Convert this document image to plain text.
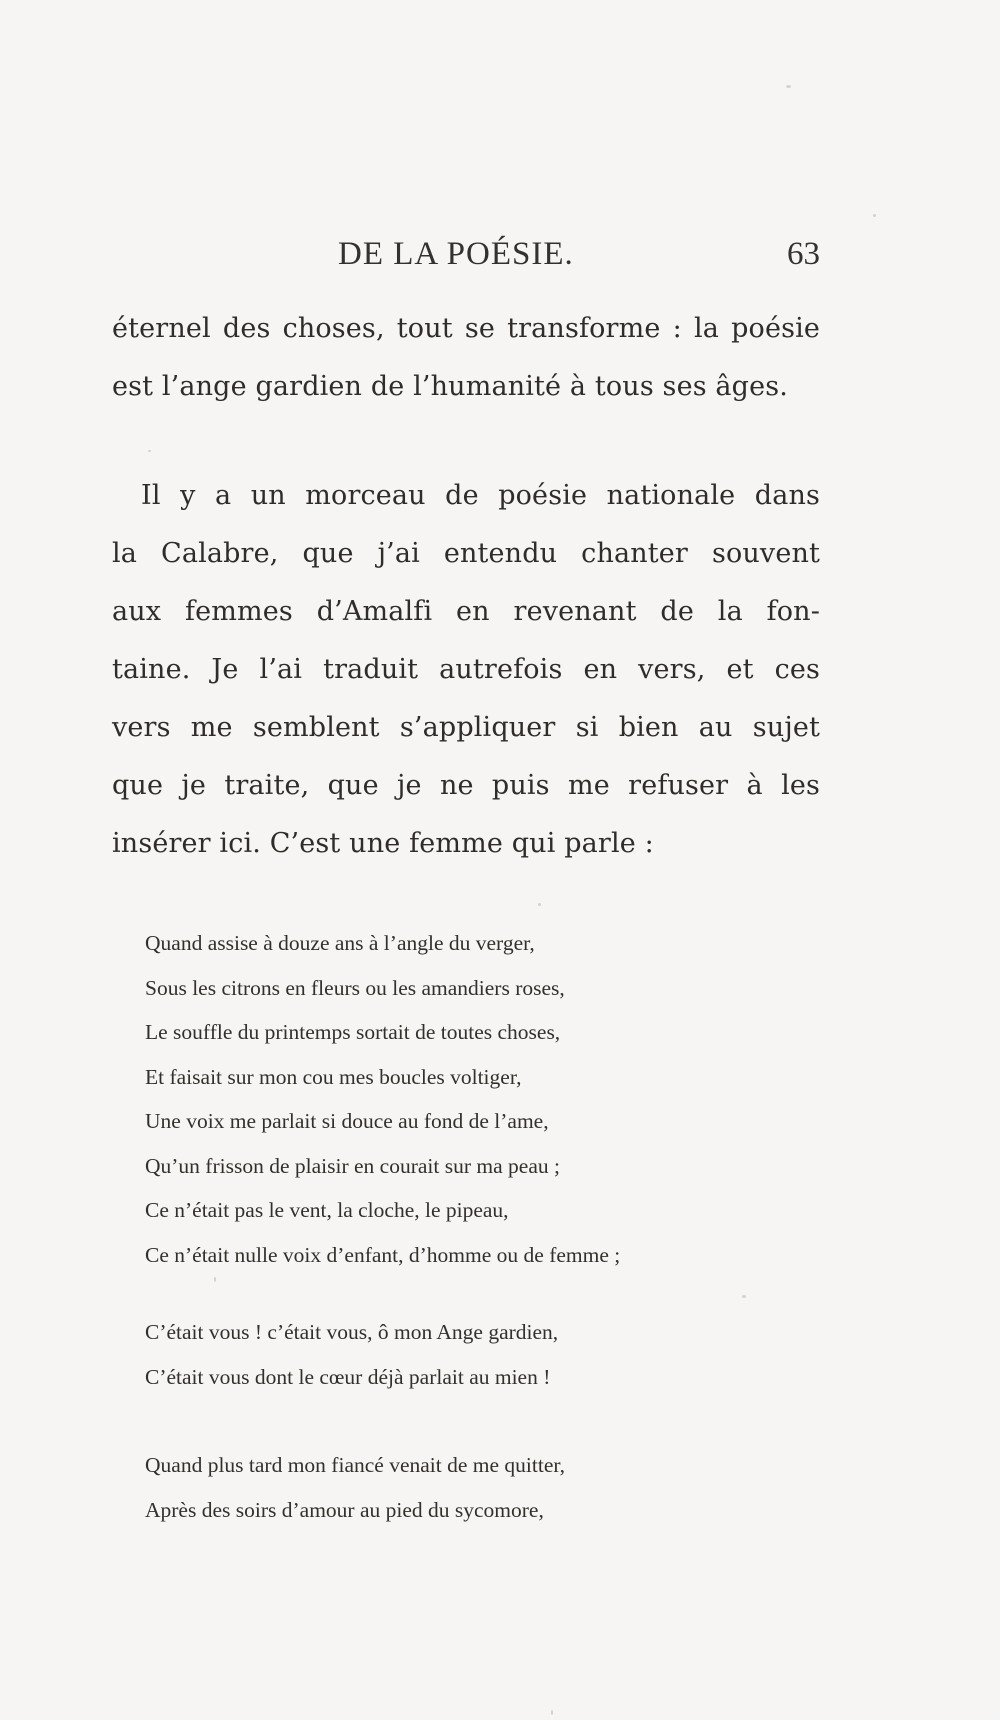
DE LA POÉSIE.	63
éternel des choses, tout se transforme : la poésie
est l’ange gardien de l’humanité à tous ses âges.
Il y a un morceau de poésie nationale dans
la Calabre, que j’ai entendu chanter souvent
aux femmes d’Amalfi en revenant de la fon-
taine. Je l’ai traduit autrefois en vers, et ces
vers me semblent s’appliquer si bien au sujet
que je traite, que je ne puis me refuser à les
insérer ici. C’est une femme qui parle :
Quand assise à douze ans à l’angle du verger,
Sous les citrons en fleurs ou les amandiers roses,
Le souffle du printemps sortait de toutes choses,
Et faisait sur mon cou mes boucles voltiger,
Une voix me parlait si douce au fond de l’ame,
Qu’un frisson de plaisir en courait sur ma peau ;
Ce n’était pas le vent, la cloche, le pipeau,
Ce n’était nulle voix d’enfant, d’homme ou de femme ;
C’était vous ! c’était vous, ô mon Ange gardien,
C’était vous dont le cœur déjà parlait au mien !
Quand plus tard mon fiancé venait de me quitter,
Après des soirs d’amour au pied du sycomore,
